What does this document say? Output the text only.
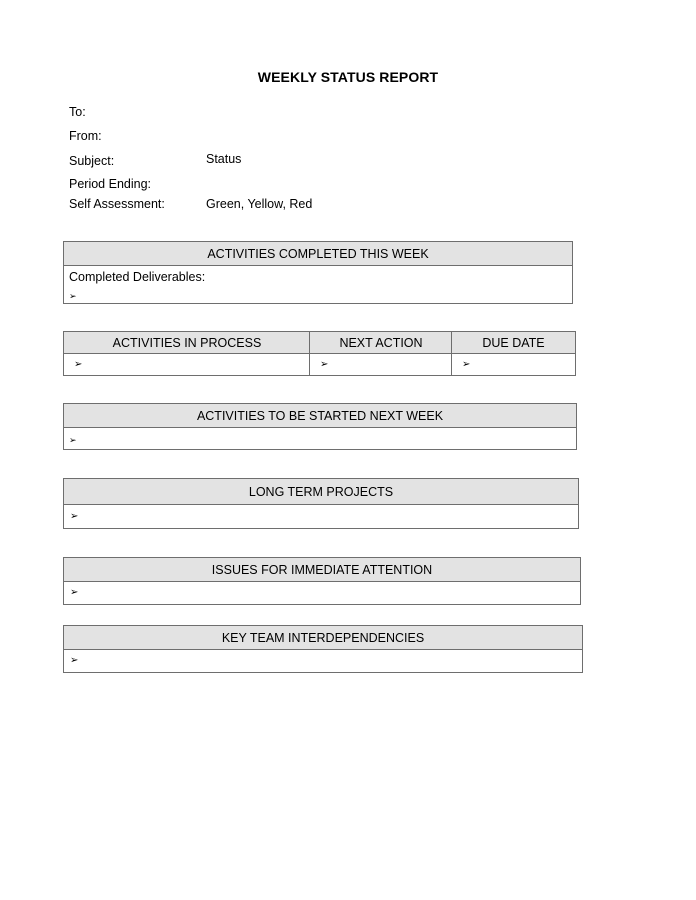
WEEKLY STATUS REPORT
To:
From:
Subject:	Status
Period Ending:
Self Assessment:	Green, Yellow, Red
ACTIVITIES COMPLETED THIS WEEK
Completed Deliverables:
➢
ACTIVITIES IN PROCESS	NEXT ACTION	DUE DATE
➢	➢	➢
ACTIVITIES TO BE STARTED NEXT WEEK
➢
LONG TERM PROJECTS
➢
ISSUES FOR IMMEDIATE ATTENTION
➢
KEY TEAM INTERDEPENDENCIES
➢
